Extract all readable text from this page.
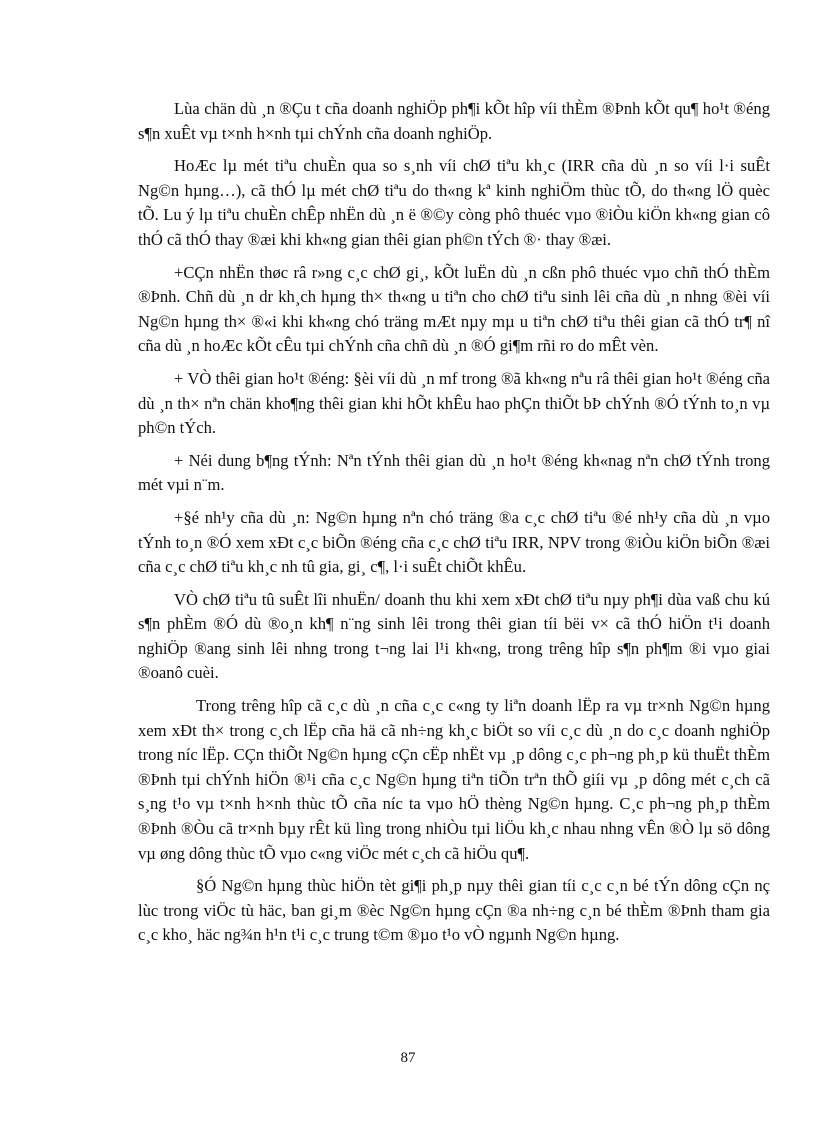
Lùa chän dù ¸n ®Çu t cña doanh nghiÖp ph¶i kÕt hîp víi thÈm ®Þnh kÕt qu¶ ho¹t ®éng s¶n xuÊt vµ t×nh h×nh tµi chÝnh cña doanh nghiÖp.

HoÆc lµ mét tiªu chuÈn qua so s¸nh víi chØ tiªu kh¸c (IRR cña dù ¸n so víi l·i suÊt Ng©n hµng…), cã thÓ lµ mét chØ tiªu do th«ng kª kinh nghiÖm thùc tÕ, do th«ng lÖ quèc tÕ. Lu ý lµ tiªu chuÈn chÊp nhËn dù ¸n ë ®©y còng phô thuéc vµo ®iÒu kiÖn kh«ng gian cô thÓ cã thÓ thay ®æi khi kh«ng gian thêi gian ph©n tÝch ®· thay ®æi.

+CÇn nhËn thøc râ r»ng c¸c chØ gi¸, kÕt luËn dù ¸n cßn phô thuéc vµo chñ thÓ thÈm ®Þnh. Chñ dù ¸n dr kh¸ch hµng th× th«ng u tiªn cho chØ tiªu sinh lêi cña dù ¸n nhng ®èi víi Ng©n hµng th× ®«i khi kh«ng chó träng mÆt nµy mµ u tiªn chØ tiªu thêi gian cã thÓ tr¶ nî cña dù ¸n hoÆc kÕt cÊu tµi chÝnh cña chñ dù ¸n ®Ó gi¶m rñi ro do mÊt vèn.

+ VÒ thêi gian ho¹t ®éng: §èi víi dù ¸n mf trong ®ã kh«ng nªu râ thêi gian ho¹t ®éng cña dù ¸n th× nªn chän kho¶ng thêi gian khi hÕt khÊu hao phÇn thiÕt bÞ chÝnh ®Ó tÝnh to¸n vµ ph©n tÝch.

+ Néi dung b¶ng tÝnh: Nªn tÝnh thêi gian dù ¸n ho¹t ®éng kh«nag nªn chØ tÝnh trong mét vµi n¨m.

+§é nh¹y cña dù ¸n: Ng©n hµng nªn chó träng ®a c¸c chØ tiªu ®é nh¹y cña dù ¸n vµo tÝnh to¸n ®Ó xem xÐt c¸c biÕn ®éng cña c¸c chØ tiªu IRR, NPV trong ®iÒu kiÖn biÕn ®æi cña c¸c chØ tiªu kh¸c nh tû gia, gi¸ c¶, l·i suÊt chiÕt khÊu.

VÒ chØ tiªu tû suÊt lîi nhuËn/ doanh thu khi xem xÐt chØ tiªu nµy ph¶i dùa vaß chu kú s¶n phÈm ®Ó dù ®o¸n kh¶ n¨ng sinh lêi trong thêi gian tíi bëi v× cã thÓ hiÖn t¹i doanh nghiÖp ®ang sinh lêi nhng trong t¬ng lai l¹i kh«ng, trong trêng hîp s¶n ph¶m ®i vµo giai ®oanô cuèi.

Trong trêng hîp cã c¸c dù ¸n cña c¸c c«ng ty liªn doanh lËp ra vµ tr×nh Ng©n hµng xem xÐt th× trong c¸ch lËp cña hä cã nh÷ng kh¸c biÖt so víi c¸c dù ¸n do c¸c doanh nghiÖp trong níc lËp. CÇn thiÕt Ng©n hµng cÇn cËp nhËt vµ ¸p dông c¸c ph¬ng ph¸p kü thuËt thÈm ®Þnh tµi chÝnh hiÖn ®¹i cña c¸c Ng©n hµng tiªn tiÕn trªn thÕ giíi vµ ¸p dông mét c¸ch cã s¸ng t¹o vµ t×nh h×nh thùc tÕ cña níc ta vµo hÖ thèng Ng©n hµng. C¸c ph¬ng ph¸p thÈm ®Þnh ®Òu cã tr×nh bµy rÊt kü lìng trong nhiÒu tµi liÖu kh¸c nhau nhng vÊn ®Ò lµ sö dông vµ øng dông thùc tÕ vµo c«ng viÖc mét c¸ch cã hiÖu qu¶.

§Ó Ng©n hµng thùc hiÖn tèt gi¶i ph¸p nµy thêi gian tíi c¸c c¸n bé tÝn dông cÇn nç lùc trong viÖc tù häc, ban gi¸m ®èc Ng©n hµng cÇn ®a nh÷ng c¸n bé thÈm ®Þnh tham gia c¸c kho¸ häc ng¾n h¹n t¹i c¸c trung t©m ®µo t¹o vÒ ngµnh Ng©n hµng.

87
